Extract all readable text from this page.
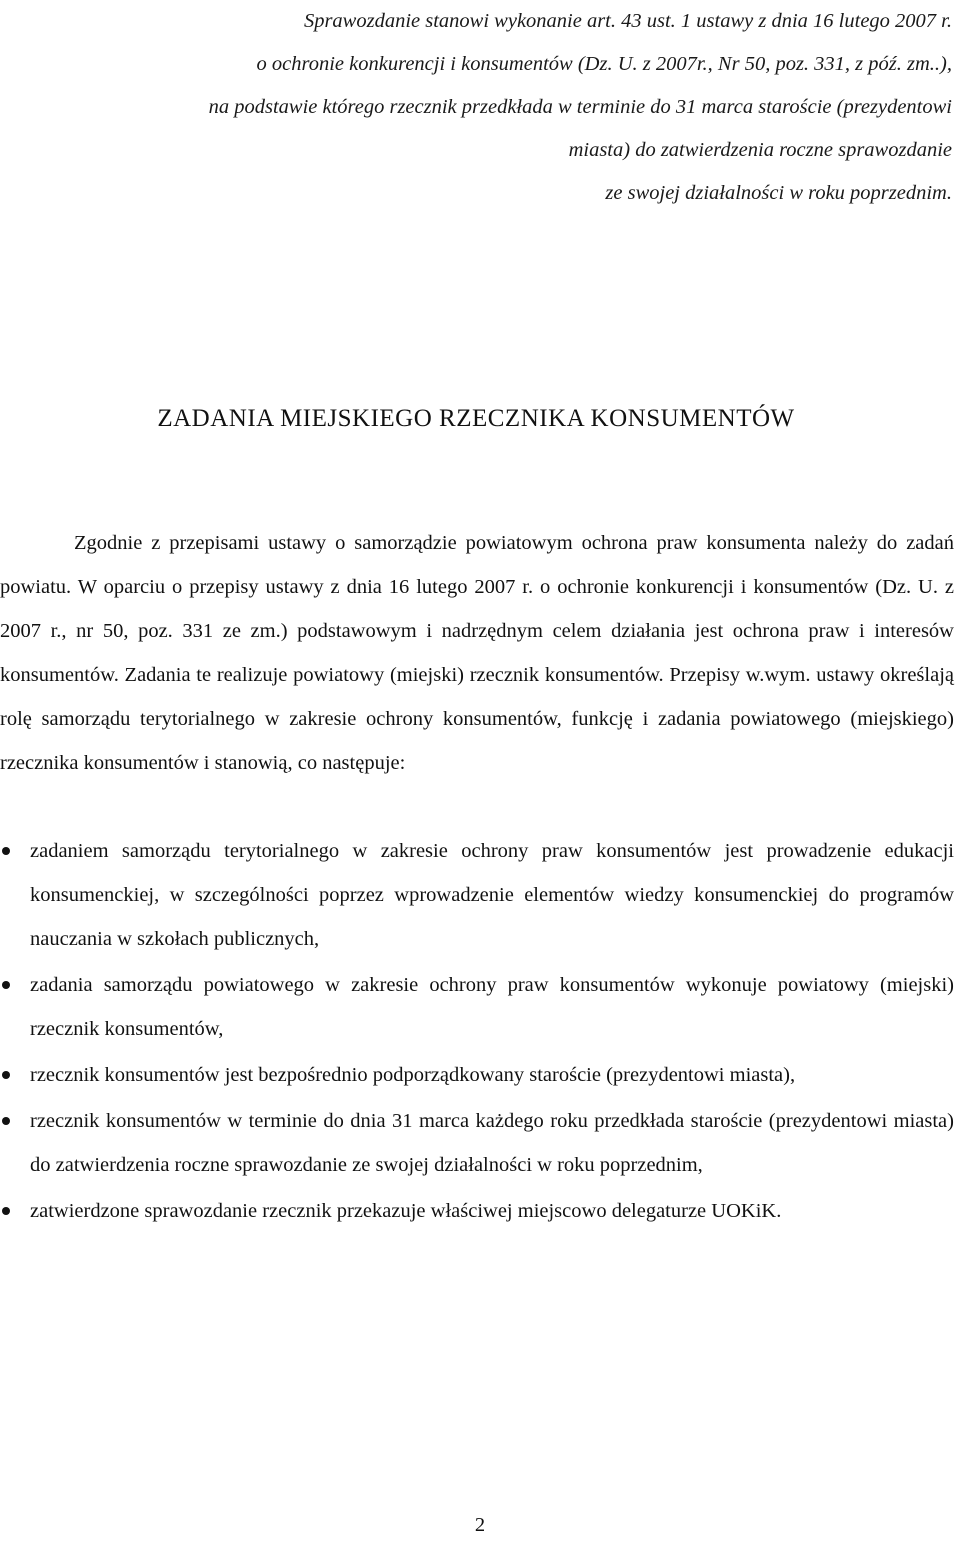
Sprawozdanie stanowi wykonanie art. 43 ust. 1 ustawy z dnia 16 lutego 2007 r.
o ochronie konkurencji i konsumentów (Dz. U. z 2007r., Nr 50, poz. 331, z póź. zm..),
na podstawie którego rzecznik przedkłada w terminie do 31 marca staroście (prezydentowi
miasta) do zatwierdzenia roczne sprawozdanie
ze swojej działalności w roku poprzednim.
ZADANIA MIEJSKIEGO RZECZNIKA KONSUMENTÓW

Zgodnie z przepisami ustawy o samorządzie powiatowym ochrona praw konsumenta należy do zadań powiatu. W oparciu o przepisy ustawy z dnia 16 lutego 2007 r. o ochronie konkurencji i konsumentów (Dz. U. z 2007 r., nr 50, poz. 331 ze zm.) podstawowym i nadrzędnym celem działania jest ochrona praw i interesów konsumentów. Zadania te realizuje powiatowy (miejski) rzecznik konsumentów. Przepisy w.wym. ustawy określają rolę samorządu terytorialnego w zakresie ochrony konsumentów, funkcję i zadania powiatowego (miejskiego) rzecznika konsumentów i stanowią, co następuje:

zadaniem samorządu terytorialnego w zakresie ochrony praw konsumentów jest prowadzenie edukacji konsumenckiej, w szczególności poprzez wprowadzenie elementów wiedzy konsumenckiej do programów nauczania w szkołach publicznych,
zadania samorządu powiatowego w zakresie ochrony praw konsumentów wykonuje powiatowy (miejski) rzecznik konsumentów,
rzecznik konsumentów jest bezpośrednio podporządkowany staroście (prezydentowi miasta),
rzecznik konsumentów w terminie do dnia 31 marca każdego roku przedkłada staroście (prezydentowi miasta) do zatwierdzenia roczne sprawozdanie ze swojej działalności w roku poprzednim,
zatwierdzone sprawozdanie rzecznik przekazuje właściwej miejscowo delegaturze UOKiK.
2
